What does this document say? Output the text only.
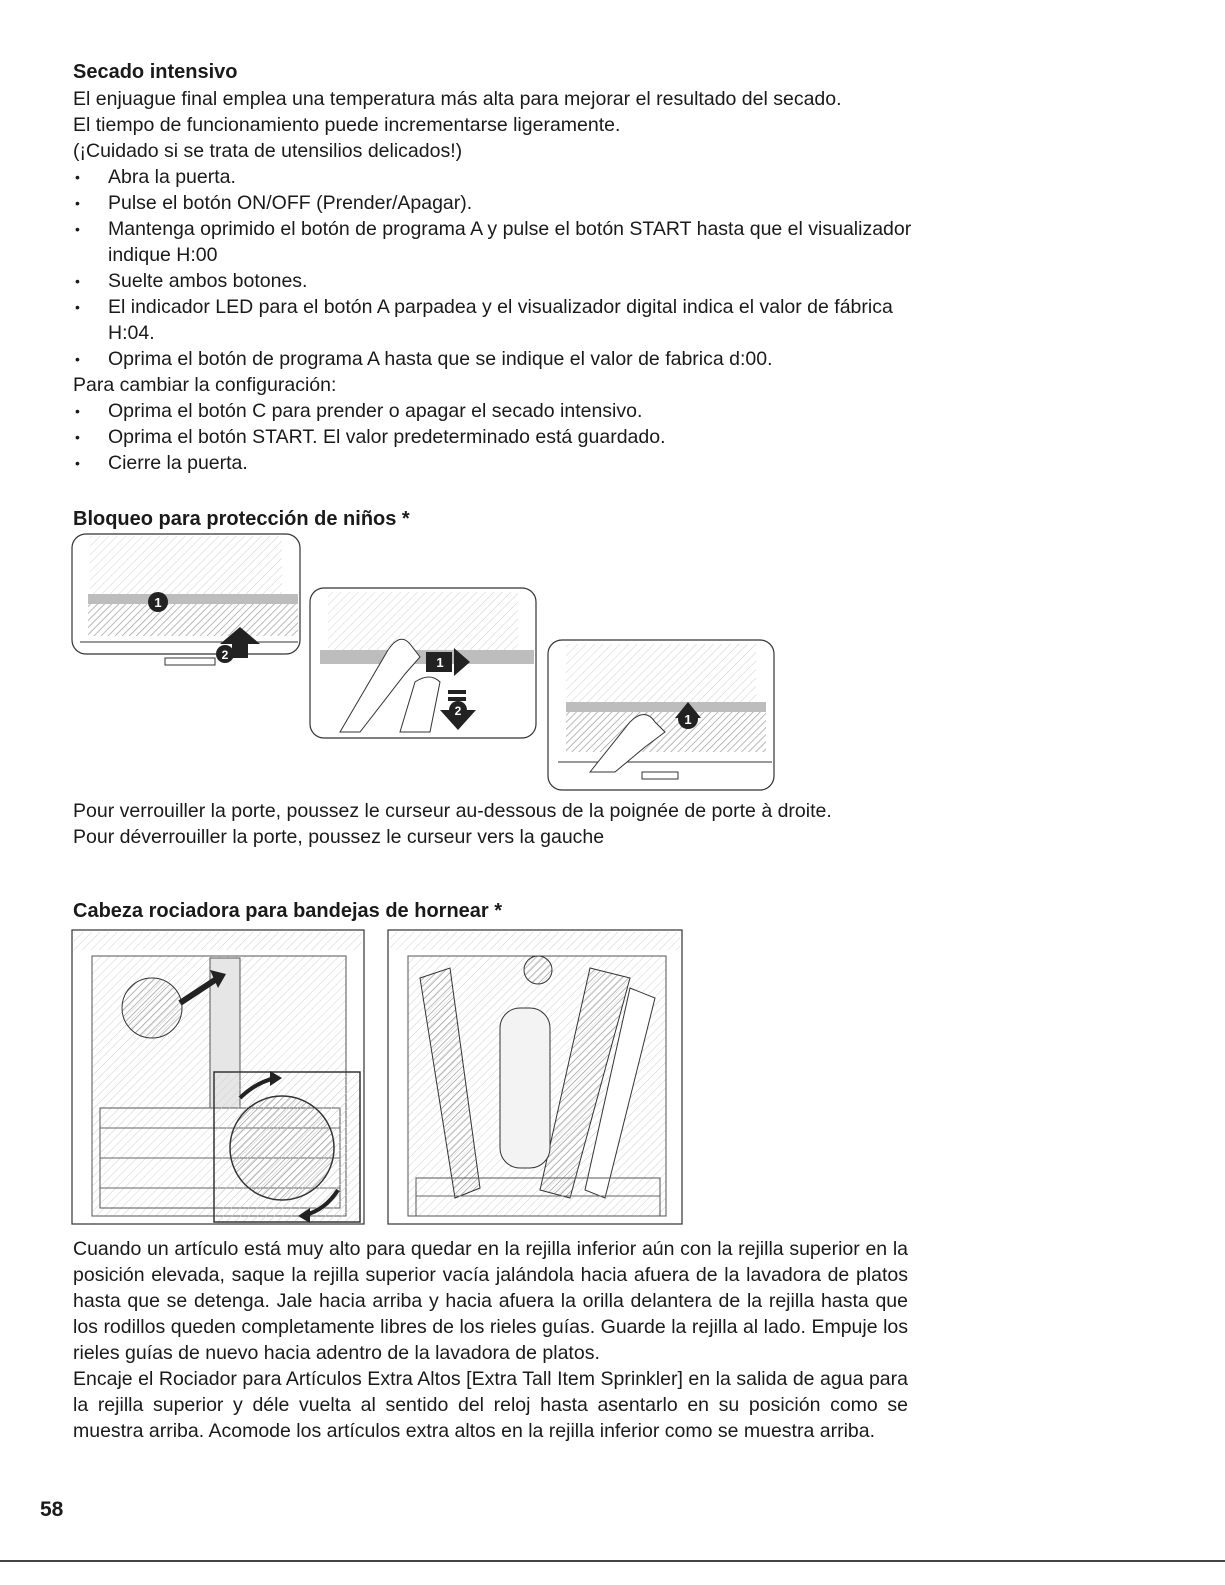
Secado intensivo

El enjuague final emplea una temperatura más alta para mejorar el resultado del secado.

El tiempo de funcionamiento puede incrementarse ligeramente.

(¡Cuidado si se trata de utensilios delicados!)

• Abra la puerta.
• Pulse el botón ON/OFF (Prender/Apagar).
• Mantenga oprimido el botón de programa A y pulse el botón START hasta que el visualizador indique H:00
• Suelte ambos botones.
• El indicador LED para el botón A parpadea y el visualizador digital indica el valor de fábrica H:04.
• Oprima el botón de programa A hasta que se indique el valor de fabrica d:00.

Para cambiar la configuración:

• Oprima el botón C para prender o apagar el secado intensivo.
• Oprima el botón START. El valor predeterminado está guardado.
• Cierre la puerta.
Bloqueo para protección de niños *
1
2	1
2
1

Pour verrouiller la porte, poussez le curseur au-dessous de la poignée de porte à droite.

Pour déverrouiller la porte, poussez le curseur vers la gauche

Cabeza rociadora para bandejas de hornear *

Cuando un artículo está muy alto para quedar en la rejilla inferior aún con la rejilla superior en la posición elevada, saque la rejilla superior vacía jalándola hacia afuera de la lavadora de platos hasta que se detenga. Jale hacia arriba y hacia afuera la orilla delantera de la rejilla hasta que los rodillos queden completamente libres de los rieles guías. Guarde la rejilla al lado. Empuje los rieles guías de nuevo hacia adentro de la lavadora de platos.

Encaje el Rociador para Artículos Extra Altos [Extra Tall Item Sprinkler] en la salida de agua para la rejilla superior y déle vuelta al sentido del reloj hasta asentarlo en su posición como se muestra arriba. Acomode los artículos extra altos en la rejilla inferior como se muestra arriba.

58
